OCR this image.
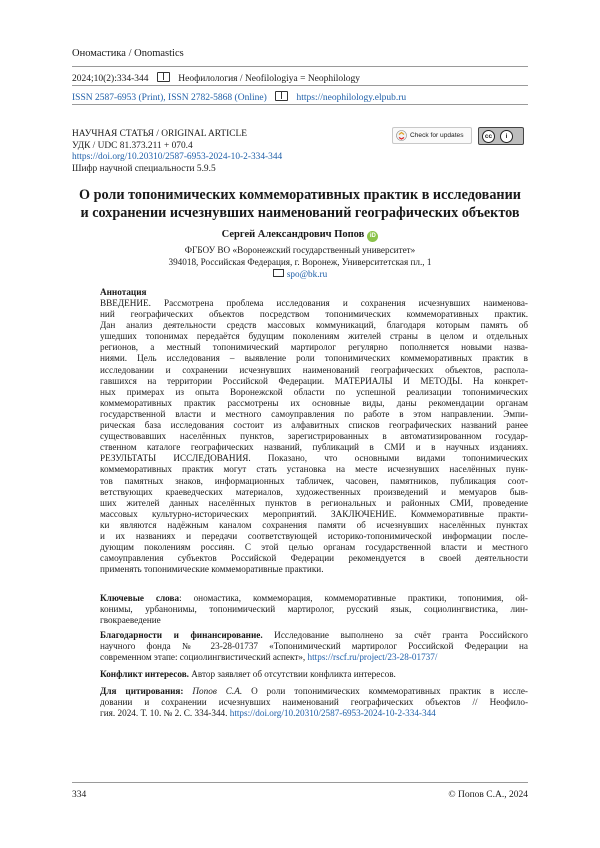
Ономастика / Onomastics
2024;10(2):334-344	Неофилология / Neofilologiya = Neophilology
ISSN 2587-6953 (Print), ISSN 2782-5868 (Online)	https://neophilology.elpub.ru
НАУЧНАЯ СТАТЬЯ / ORIGINAL ARTICLE
УДК / UDC 81.373.211 + 070.4
https://doi.org/10.20310/2587-6953-2024-10-2-334-344
Шифр научной специальности 5.9.5
Check for updates	cc	i
О роли топонимических коммеморативных практик в исследовании
и сохранении исчезнувших наименований географических объектов
Сергей Александрович Попов iD
ФГБОУ ВО «Воронежский государственный университет»
394018, Российская Федерация, г. Воронеж, Университетская пл., 1
spo@bk.ru
Аннотация
ВВЕДЕНИЕ. Рассмотрена проблема исследования и сохранения исчезнувших наименова-
ний географических объектов посредством топонимических коммеморативных практик.
Дан анализ деятельности средств массовых коммуникаций, благодаря которым память об
ушедших топонимах передаётся будущим поколениям жителей страны в целом и отдельных
регионов, а местный топонимический мартиролог регулярно пополняется новыми назва-
ниями. Цель исследования – выявление роли топонимических коммеморативных практик в
исследовании и сохранении исчезнувших наименований географических объектов, распола-
гавшихся на территории Российской Федерации. МАТЕРИАЛЫ И МЕТОДЫ. На конкрет-
ных примерах из опыта Воронежской области по успешной реализации топонимических
коммеморативных практик рассмотрены их основные виды, даны рекомендации органам
государственной власти и местного самоуправления по работе в этом направлении. Эмпи-
рическая база исследования состоит из алфавитных списков географических названий ранее
существовавших населённых пунктов, зарегистрированных в автоматизированном государ-
ственном каталоге географических названий, публикаций в СМИ и в научных изданиях.
РЕЗУЛЬТАТЫ ИССЛЕДОВАНИЯ. Показано, что основными видами топонимических
коммеморативных практик могут стать установка на месте исчезнувших населённых пунк-
тов памятных знаков, информационных табличек, часовен, памятников, публикация соот-
ветствующих краеведческих материалов, художественных произведений и мемуаров быв-
ших жителей данных населённых пунктов в региональных и районных СМИ, проведение
массовых культурно-исторических мероприятий. ЗАКЛЮЧЕНИЕ. Коммеморативные практи-
ки являются надёжным каналом сохранения памяти об исчезнувших населённых пунктах
и их названиях и передачи соответствующей историко-топонимической информации после-
дующим поколениям россиян. С этой целью органам государственной власти и местного
самоуправления субъектов Российской Федерации рекомендуется в своей деятельности
применять топонимические коммеморативные практики.
Ключевые слова: ономастика, коммеморация, коммеморативные практики, топонимия, ой-
конимы, урбанонимы, топонимический мартиролог, русский язык, социолингвистика, лин-
гвокраеведение
Благодарности и финансирование. Исследование выполнено за счёт гранта Российского
научного фонда № 23-28-01737 «Топонимический мартиролог Российской Федерации на
современном этапе: социолингвистический аспект», https://rscf.ru/project/23-28-01737/
Конфликт интересов. Автор заявляет об отсутствии конфликта интересов.
Для цитирования: Попов С.А. О роли топонимических коммеморативных практик в иссле-
довании и сохранении исчезнувших наименований географических объектов // Неофило-
гия. 2024. Т. 10. № 2. С. 334-344. https://doi.org/10.20310/2587-6953-2024-10-2-334-344
334	© Попов С.А., 2024
